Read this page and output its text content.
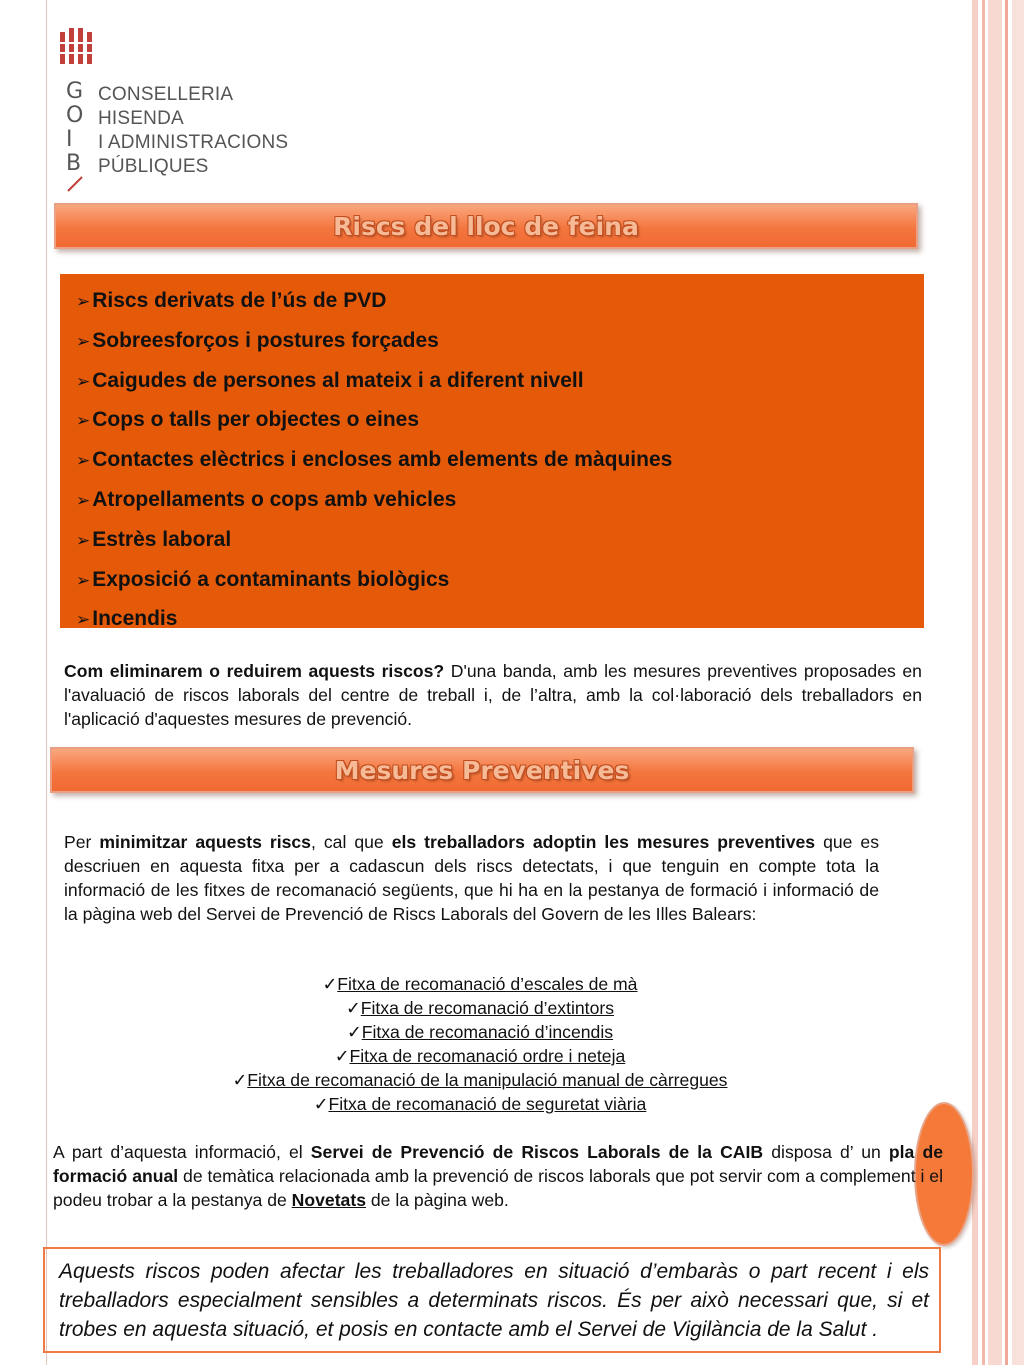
G
O
I
B
CONSELLERIA
HISENDA
I ADMINISTRACIONS
PÚBLIQUES
Riscs del lloc de feina
➢Riscs derivats de l’ús de PVD
➢Sobreesforços i postures forçades
➢Caigudes de persones al mateix i a diferent nivell
➢Cops o talls per objectes o eines
➢Contactes elèctrics i encloses amb elements de màquines
➢Atropellaments o cops amb vehicles
➢Estrès laboral
➢Exposició a contaminants biològics
➢Incendis
Com eliminarem o reduirem aquests riscos? D'una banda, amb les mesures preventives proposades en l'avaluació de riscos laborals del centre de treball i, de l’altra, amb la col·laboració dels treballadors en l'aplicació d'aquestes mesures de prevenció.
Mesures Preventives
Per minimitzar aquests riscs, cal que els treballadors adoptin les mesures preventives que es descriuen en aquesta fitxa per a cadascun dels riscs detectats, i que tenguin en compte tota la informació de les fitxes de recomanació següents, que hi ha en la pestanya de formació i informació de la pàgina web del Servei de Prevenció de Riscs Laborals del Govern de les Illes Balears:
✓Fitxa de recomanació d’escales de mà
✓Fitxa de recomanació d’extintors
✓Fitxa de recomanació d’incendis
✓Fitxa de recomanació ordre i neteja
✓Fitxa de recomanació de la manipulació manual de càrregues
✓Fitxa de recomanació de seguretat viària
A part d’aquesta informació, el Servei de Prevenció de Riscos Laborals de la CAIB disposa d’ un pla de formació anual de temàtica relacionada amb la prevenció de riscos laborals que pot servir com a complement i el podeu trobar a la pestanya de Novetats de la pàgina web.
Aquests riscos poden afectar les treballadores en situació d’embaràs o part recent i els treballadors especialment sensibles a determinats riscos. És per això necessari que, si et trobes en aquesta situació, et posis en contacte amb el Servei de Vigilància de la Salut .
